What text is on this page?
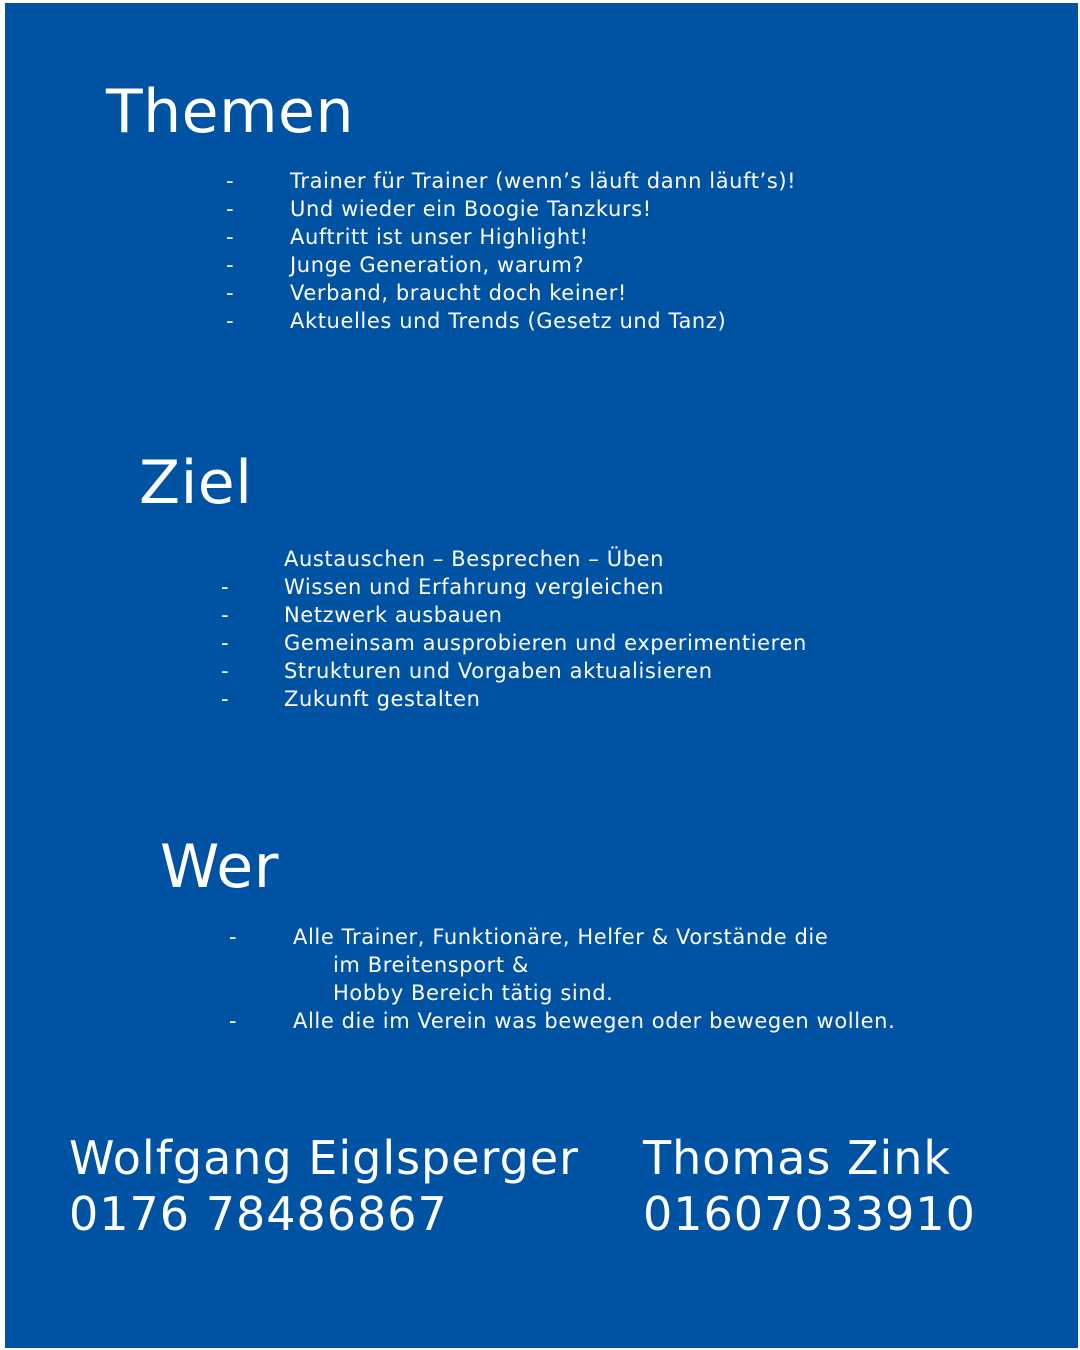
Themen
-	Trainer für Trainer (wenn’s läuft dann läuft’s)!
-	Und wieder ein Boogie Tanzkurs!
-	Auftritt ist unser Highlight!
-	Junge Generation, warum?
-	Verband, braucht doch keiner!
-	Aktuelles und Trends (Gesetz und Tanz)
Ziel
Austauschen – Besprechen – Üben
-	Wissen und Erfahrung vergleichen
-	Netzwerk ausbauen
-	Gemeinsam ausprobieren und experimentieren
-	Strukturen und Vorgaben aktualisieren
-	Zukunft gestalten
Wer
-	Alle Trainer, Funktionäre, Helfer & Vorstände die
im Breitensport &
Hobby Bereich tätig sind.
-	Alle die im Verein was bewegen oder bewegen wollen.
Wolfgang Eiglsperger
0176 78486867
Thomas Zink
01607033910
